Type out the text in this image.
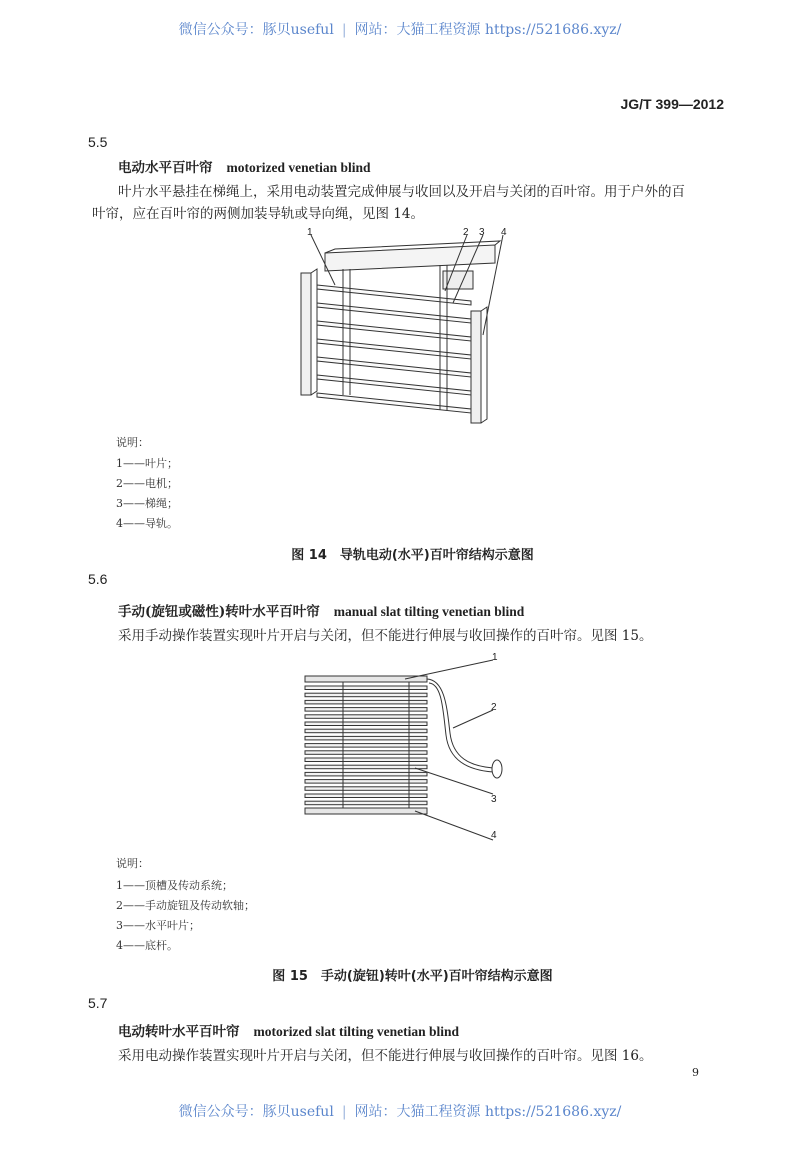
微信公众号：豚贝useful | 网站：大猫工程资源 https://521686.xyz/
JG/T 399—2012
5.5
电动水平百叶帘 motorized venetian blind
叶片水平悬挂在梯绳上，采用电动装置完成伸展与收回以及开启与关闭的百叶帘。用于户外的百
叶帘，应在百叶帘的两侧加装导轨或导向绳，见图 14。
1	2 3 4
说明：
1——叶片；
2——电机；
3——梯绳；
4——导轨。
图 14　导轨电动(水平)百叶帘结构示意图
5.6
手动(旋钮或磁性)转叶水平百叶帘 manual slat tilting venetian blind
采用手动操作装置实现叶片开启与关闭，但不能进行伸展与收回操作的百叶帘。见图 15。
1
2
3
4
说明：
1——顶槽及传动系统；
2——手动旋钮及传动软轴；
3——水平叶片；
4——底杆。
图 15　手动(旋钮)转叶(水平)百叶帘结构示意图
5.7
电动转叶水平百叶帘 motorized slat tilting venetian blind
采用电动操作装置实现叶片开启与关闭，但不能进行伸展与收回操作的百叶帘。见图 16。
9
微信公众号：豚贝useful | 网站：大猫工程资源 https://521686.xyz/
